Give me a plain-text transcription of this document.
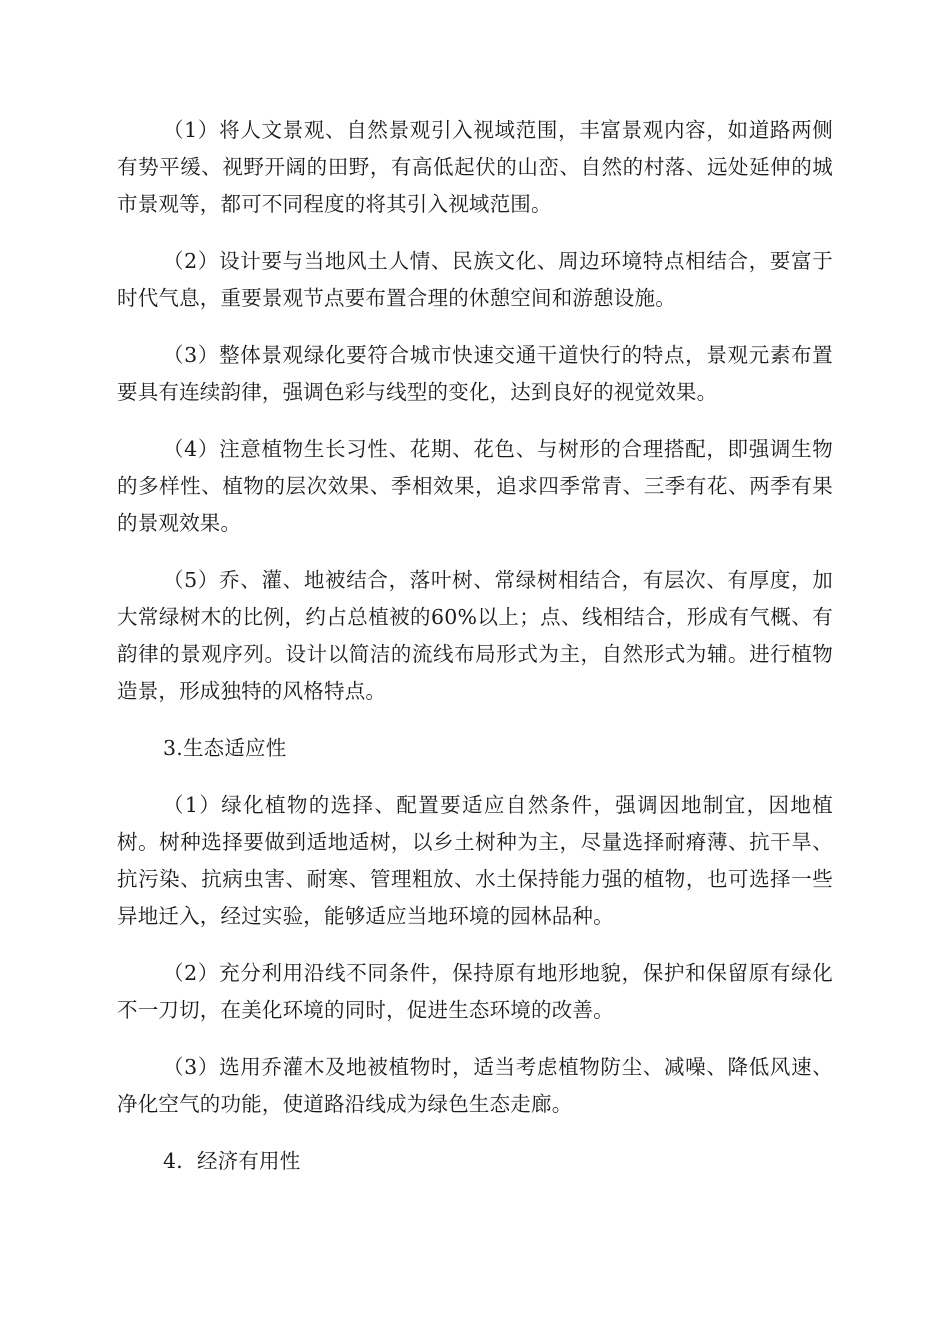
（1）将人文景观、自然景观引入视域范围，丰富景观内容，如道路两侧有势平缓、视野开阔的田野，有高低起伏的山峦、自然的村落、远处延伸的城市景观等，都可不同程度的将其引入视域范围。

（2）设计要与当地风土人情、民族文化、周边环境特点相结合，要富于时代气息，重要景观节点要布置合理的休憩空间和游憩设施。

（3）整体景观绿化要符合城市快速交通干道快行的特点，景观元素布置要具有连续韵律，强调色彩与线型的变化，达到良好的视觉效果。

（4）注意植物生长习性、花期、花色、与树形的合理搭配，即强调生物的多样性、植物的层次效果、季相效果，追求四季常青、三季有花、两季有果的景观效果。

（5）乔、灌、地被结合，落叶树、常绿树相结合，有层次、有厚度，加大常绿树木的比例，约占总植被的60%以上；点、线相结合，形成有气概、有韵律的景观序列。设计以简洁的流线布局形式为主，自然形式为辅。进行植物造景，形成独特的风格特点。

3.生态适应性

（1）绿化植物的选择、配置要适应自然条件，强调因地制宜，因地植树。树种选择要做到适地适树，以乡土树种为主，尽量选择耐瘠薄、抗干旱、抗污染、抗病虫害、耐寒、管理粗放、水土保持能力强的植物，也可选择一些异地迁入，经过实验，能够适应当地环境的园林品种。

（2）充分利用沿线不同条件，保持原有地形地貌，保护和保留原有绿化不一刀切，在美化环境的同时，促进生态环境的改善。

（3）选用乔灌木及地被植物时，适当考虑植物防尘、减噪、降低风速、净化空气的功能，使道路沿线成为绿色生态走廊。

4．经济有用性
